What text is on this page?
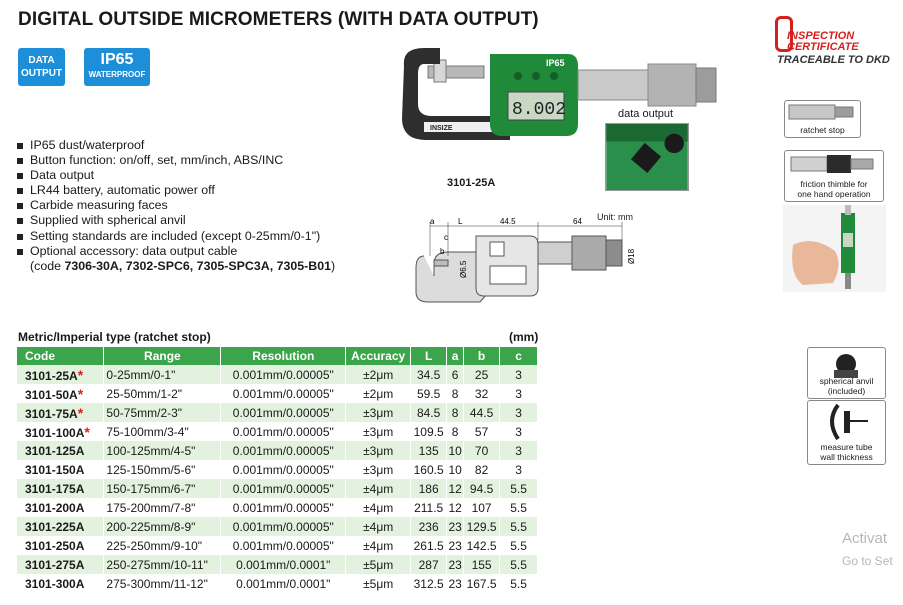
DIGITAL OUTSIDE MICROMETERS (WITH DATA OUTPUT)
DATA
OUTPUT
IP65
WATERPROOF
INSPECTION
CERTIFICATE
TRACEABLE TO DKD
INSIZE
IP65
8.002
3101-25A
data output
IP65 dust/waterproof
Button function: on/off, set, mm/inch, ABS/INC
Data output
LR44 battery, automatic power off
Carbide measuring faces
Supplied with spherical anvil
Setting standards are included (except 0-25mm/0-1")
Optional accessory: data output cable
(code 7306-30A, 7302-SPC6, 7305-SPC3A, 7305-B01)
Unit: mm
a	L	44.5	64
c
b
Ø6.5
Ø18
ratchet stop
friction thimble for
one hand operation
spherical anvil
(included)
measure tube
wall thickness
Metric/Imperial type (ratchet stop)	(mm)
Code	Range	Resolution	Accuracy	L	a	b	c
3101-25A*	0-25mm/0-1"	0.001mm/0.00005"	±2μm	34.5	6	25	3
3101-50A*	25-50mm/1-2"	0.001mm/0.00005"	±2μm	59.5	8	32	3
3101-75A*	50-75mm/2-3"	0.001mm/0.00005"	±3μm	84.5	8	44.5	3
3101-100A*	75-100mm/3-4"	0.001mm/0.00005"	±3μm	109.5	8	57	3
3101-125A	100-125mm/4-5"	0.001mm/0.00005"	±3μm	135	10	70	3
3101-150A	125-150mm/5-6"	0.001mm/0.00005"	±3μm	160.5	10	82	3
3101-175A	150-175mm/6-7"	0.001mm/0.00005"	±4μm	186	12	94.5	5.5
3101-200A	175-200mm/7-8"	0.001mm/0.00005"	±4μm	211.5	12	107	5.5
3101-225A	200-225mm/8-9"	0.001mm/0.00005"	±4μm	236	23	129.5	5.5
3101-250A	225-250mm/9-10"	0.001mm/0.00005"	±4μm	261.5	23	142.5	5.5
3101-275A	250-275mm/10-11"	0.001mm/0.0001"	±5μm	287	23	155	5.5
3101-300A	275-300mm/11-12"	0.001mm/0.0001"	±5μm	312.5	23	167.5	5.5
Activat
Go to Set
